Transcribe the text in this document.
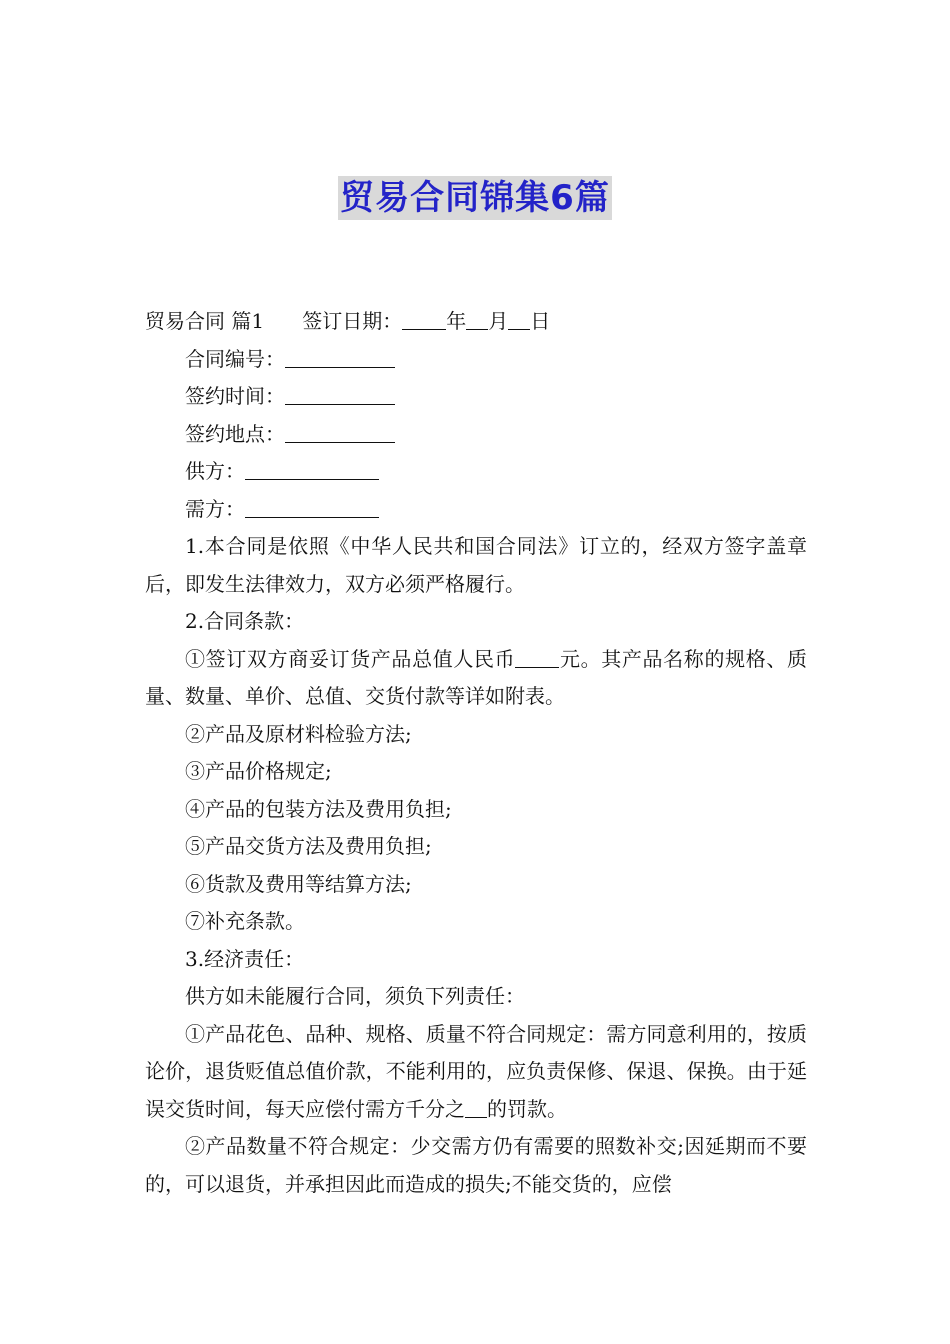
贸易合同锦集6篇

贸易合同 篇1 签订日期： 年 月 日

合同编号：

签约时间：

签约地点：

供方：

需方：

1.本合同是依照《中华人民共和国合同法》订立的，经双方签字盖章后，即发生法律效力，双方必须严格履行。

2.合同条款：

①签订双方商妥订货产品总值人民币 元。其产品名称的规格、质量、数量、单价、总值、交货付款等详如附表。

②产品及原材料检验方法;

③产品价格规定;

④产品的包装方法及费用负担;

⑤产品交货方法及费用负担;

⑥货款及费用等结算方法;

⑦补充条款。

3.经济责任：

供方如未能履行合同，须负下列责任：

①产品花色、品种、规格、质量不符合同规定：需方同意利用的，按质论价，退货贬值总值价款，不能利用的，应负责保修、保退、保换。由于延误交货时间，每天应偿付需方千分之 的罚款。

②产品数量不符合规定：少交需方仍有需要的照数补交;因延期而不要的，可以退货，并承担因此而造成的损失;不能交货的，应偿
